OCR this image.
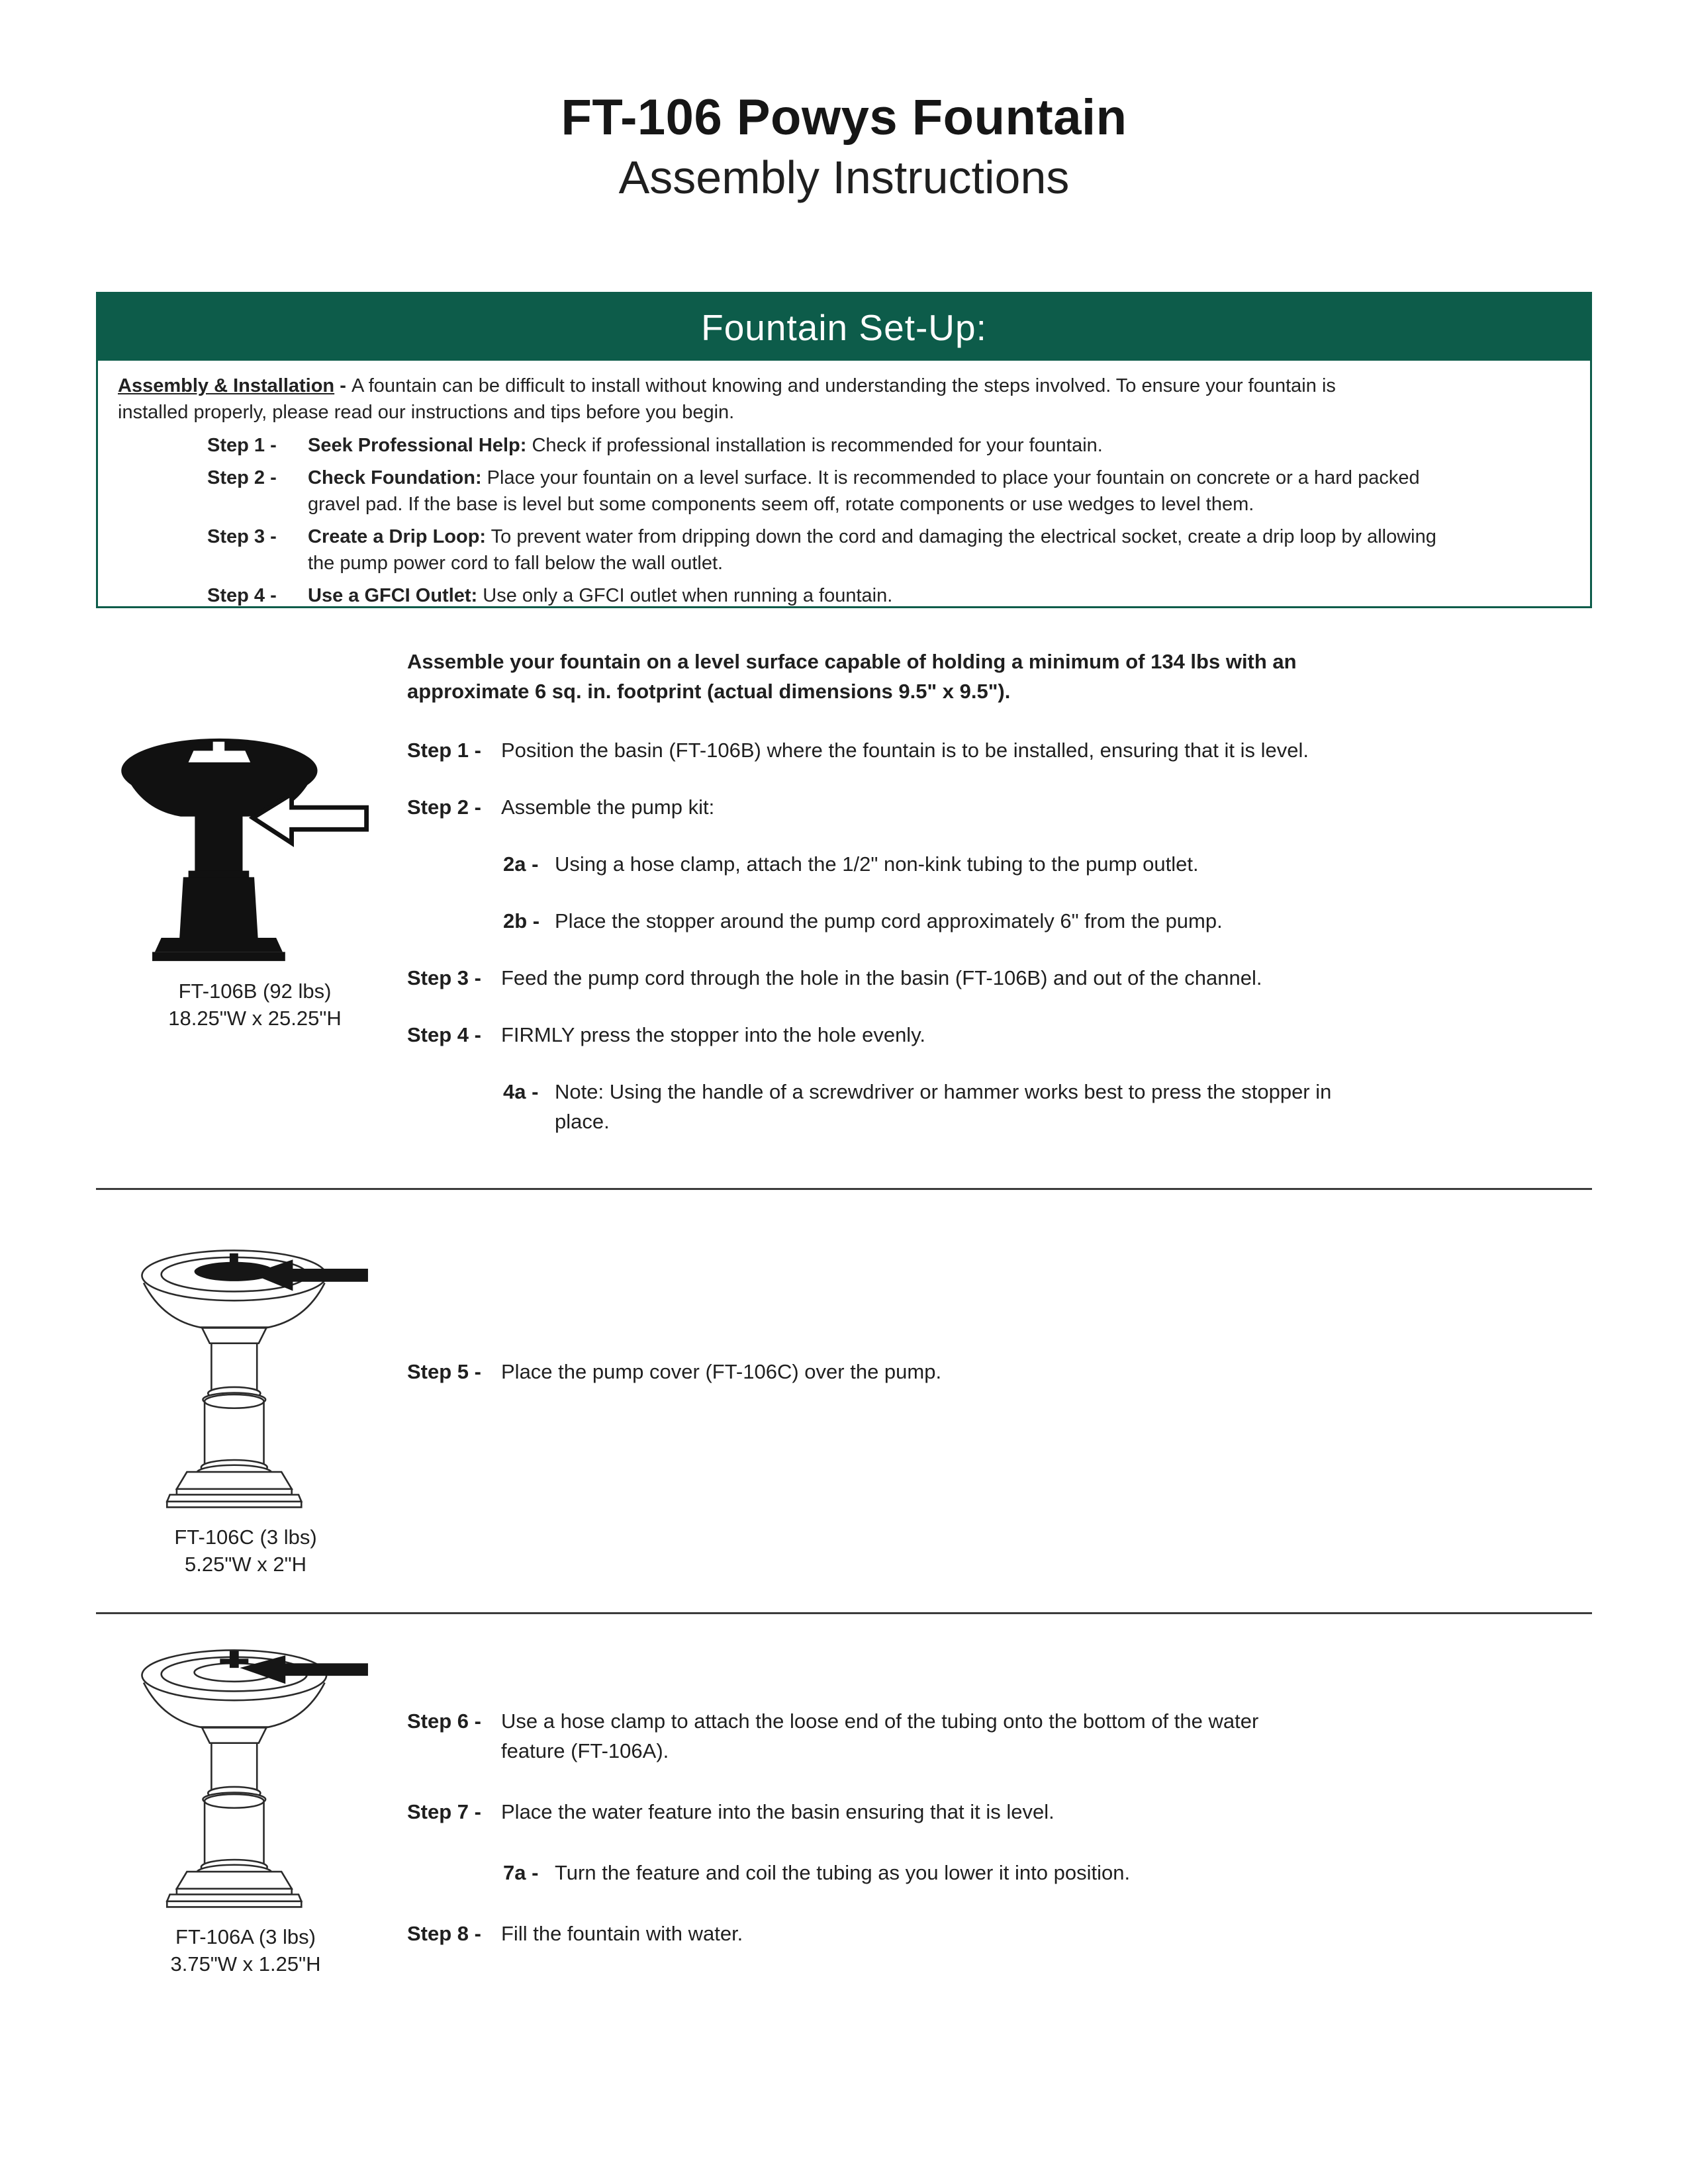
FT-106 Powys Fountain
Assembly Instructions
Fountain Set-Up:

Assembly & Installation - A fountain can be difficult to install without knowing and understanding the steps involved. To ensure your fountain is
installed properly, please read our instructions and tips before you begin.

Step 1 -	Seek Professional Help: Check if professional installation is recommended for your fountain.
Step 2 -	Check Foundation: Place your fountain on a level surface. It is recommended to place your fountain on concrete or a hard packed
gravel pad. If the base is level but some components seem off, rotate components or use wedges to level them.
Step 3 -	Create a Drip Loop: To prevent water from dripping down the cord and damaging the electrical socket, create a drip loop by allowing
the pump power cord to fall below the wall outlet.
Step 4 -	Use a GFCI Outlet: Use only a GFCI outlet when running a fountain.
FT-106B (92 lbs)
18.25"W x 25.25"H

Assemble your fountain on a level surface capable of holding a minimum of 134 lbs with an
approximate 6 sq. in. footprint (actual dimensions 9.5" x 9.5").

Step 1 - Position the basin (FT-106B) where the fountain is to be installed, ensuring that it is level.
Step 2 - Assemble the pump kit:
2a - Using a hose clamp, attach the 1/2" non-kink tubing to the pump outlet.
2b - Place the stopper around the pump cord approximately 6" from the pump.
Step 3 - Feed the pump cord through the hole in the basin (FT-106B) and out of the channel.
Step 4 - FIRMLY press the stopper into the hole evenly.
4a - Note: Using the handle of a screwdriver or hammer works best to press the stopper in
place.
FT-106C (3 lbs)
5.25"W x 2"H
Step 5 - Place the pump cover (FT-106C) over the pump.
FT-106A (3 lbs)
3.75"W x 1.25"H
Step 6 - Use a hose clamp to attach the loose end of the tubing onto the bottom of the water
feature (FT-106A).
Step 7 - Place the water feature into the basin ensuring that it is level.
7a - Turn the feature and coil the tubing as you lower it into position.
Step 8 - Fill the fountain with water.
